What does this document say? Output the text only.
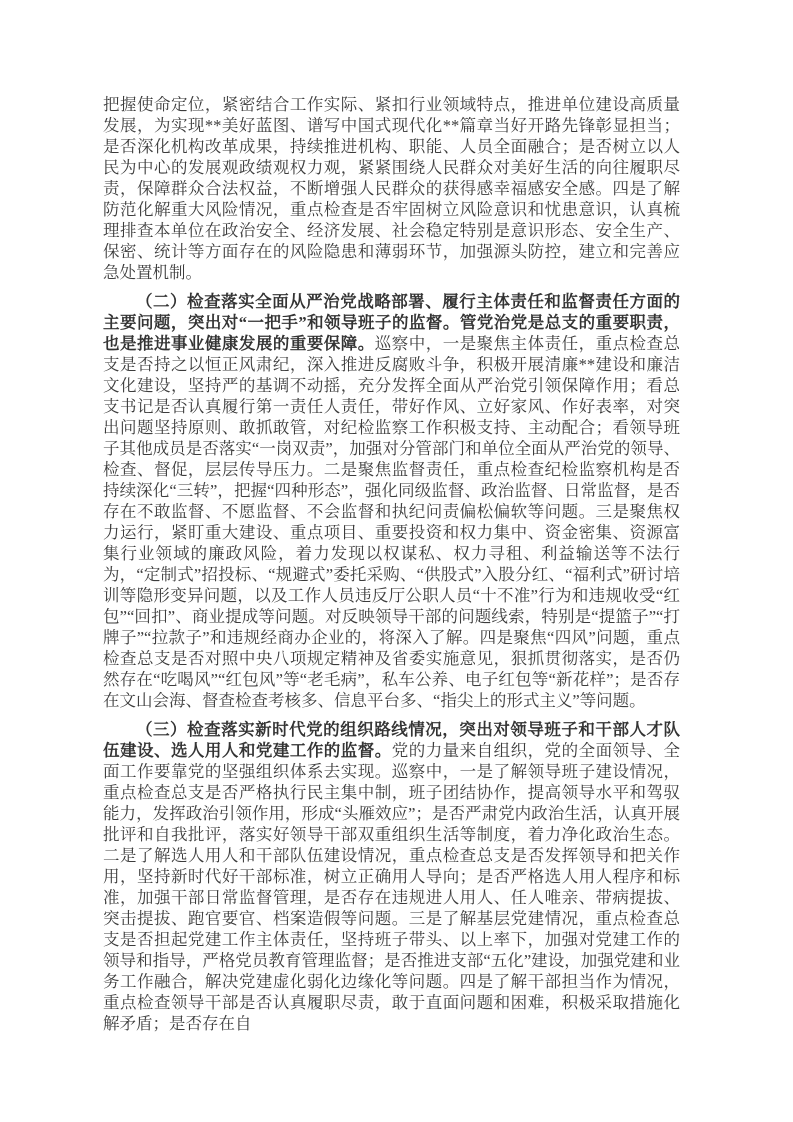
把握使命定位，紧密结合工作实际、紧扣行业领域特点，推进单位建设高质量发展，为实现**美好蓝图、谱写中国式现代化**篇章当好开路先锋彰显担当；是否深化机构改革成果，持续推进机构、职能、人员全面融合；是否树立以人民为中心的发展观政绩观权力观，紧紧围绕人民群众对美好生活的向往履职尽责，保障群众合法权益，不断增强人民群众的获得感幸福感安全感。四是了解防范化解重大风险情况，重点检查是否牢固树立风险意识和忧患意识，认真梳理排查本单位在政治安全、经济发展、社会稳定特别是意识形态、安全生产、保密、统计等方面存在的风险隐患和薄弱环节，加强源头防控，建立和完善应急处置机制。

（二）检查落实全面从严治党战略部署、履行主体责任和监督责任方面的主要问题，突出对“一把手”和领导班子的监督。管党治党是总支的重要职责，也是推进事业健康发展的重要保障。巡察中，一是聚焦主体责任，重点检查总支是否持之以恒正风肃纪，深入推进反腐败斗争，积极开展清廉**建设和廉洁文化建设，坚持严的基调不动摇，充分发挥全面从严治党引领保障作用；看总支书记是否认真履行第一责任人责任，带好作风、立好家风、作好表率，对突出问题坚持原则、敢抓敢管，对纪检监察工作积极支持、主动配合；看领导班子其他成员是否落实“一岗双责”，加强对分管部门和单位全面从严治党的领导、检查、督促，层层传导压力。二是聚焦监督责任，重点检查纪检监察机构是否持续深化“三转”，把握“四种形态”，强化同级监督、政治监督、日常监督，是否存在不敢监督、不愿监督、不会监督和执纪问责偏松偏软等问题。三是聚焦权力运行，紧盯重大建设、重点项目、重要投资和权力集中、资金密集、资源富集行业领域的廉政风险，着力发现以权谋私、权力寻租、利益输送等不法行为，“定制式”招投标、“规避式”委托采购、“供股式”入股分红、“福利式”研讨培训等隐形变异问题，以及工作人员违反厅公职人员“十不准”行为和违规收受“红包”“回扣”、商业提成等问题。对反映领导干部的问题线索，特别是“提篮子”“打牌子”“拉款子”和违规经商办企业的，将深入了解。四是聚焦“四风”问题，重点检查总支是否对照中央八项规定精神及省委实施意见，狠抓贯彻落实，是否仍然存在“吃喝风”“红包风”等“老毛病”，私车公养、电子红包等“新花样”；是否存在文山会海、督查检查考核多、信息平台多、“指尖上的形式主义”等问题。

（三）检查落实新时代党的组织路线情况，突出对领导班子和干部人才队伍建设、选人用人和党建工作的监督。党的力量来自组织，党的全面领导、全面工作要靠党的坚强组织体系去实现。巡察中，一是了解领导班子建设情况，重点检查总支是否严格执行民主集中制，班子团结协作，提高领导水平和驾驭能力，发挥政治引领作用，形成“头雁效应”；是否严肃党内政治生活，认真开展批评和自我批评，落实好领导干部双重组织生活等制度，着力净化政治生态。二是了解选人用人和干部队伍建设情况，重点检查总支是否发挥领导和把关作用，坚持新时代好干部标准，树立正确用人导向；是否严格选人用人程序和标准，加强干部日常监督管理，是否存在违规进人用人、任人唯亲、带病提拔、突击提拔、跑官要官、档案造假等问题。三是了解基层党建情况，重点检查总支是否担起党建工作主体责任，坚持班子带头、以上率下，加强对党建工作的领导和指导，严格党员教育管理监督；是否推进支部“五化”建设，加强党建和业务工作融合，解决党建虚化弱化边缘化等问题。四是了解干部担当作为情况，重点检查领导干部是否认真履职尽责，敢于直面问题和困难，积极采取措施化解矛盾；是否存在自
